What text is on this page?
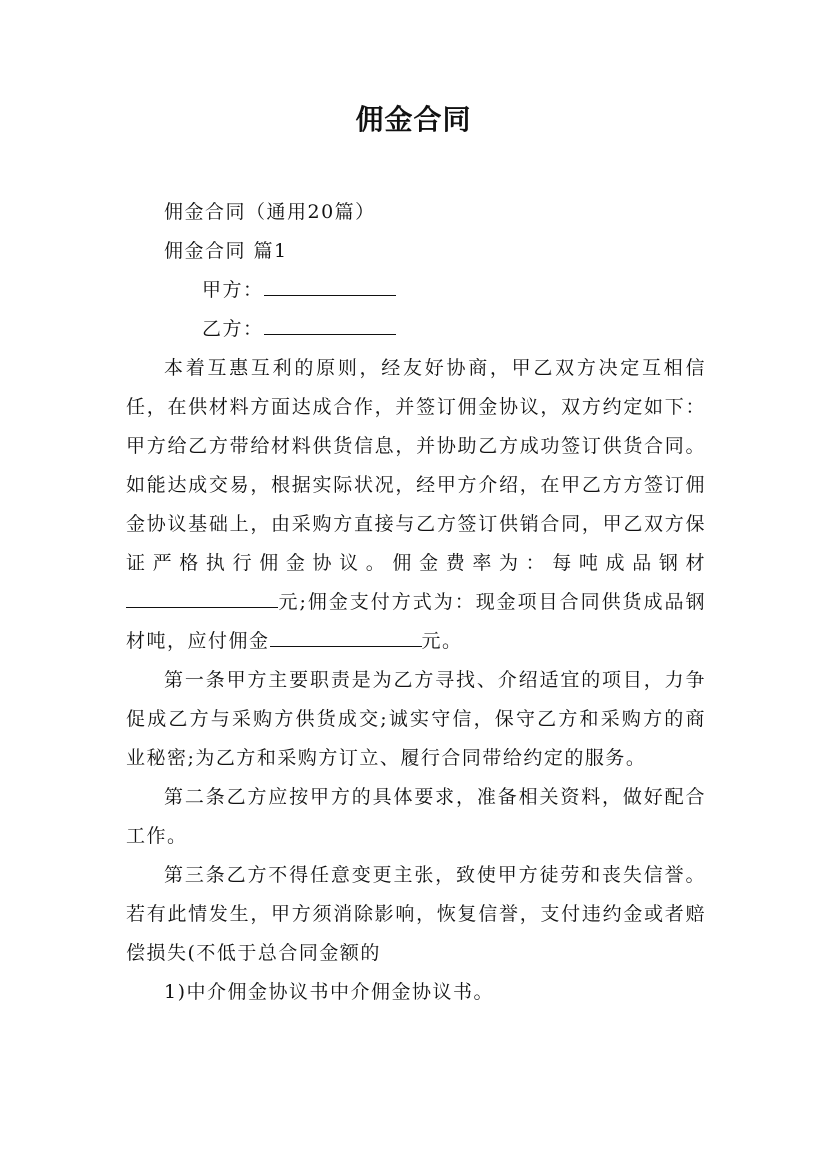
佣金合同

佣金合同（通用20篇）

佣金合同 篇1

甲方：

乙方：

本着互惠互利的原则，经友好协商，甲乙双方决定互相信任，在供材料方面达成合作，并签订佣金协议，双方约定如下：甲方给乙方带给材料供货信息，并协助乙方成功签订供货合同。如能达成交易，根据实际状况，经甲方介绍，在甲乙方方签订佣金协议基础上，由采购方直接与乙方签订供销合同，甲乙双方保证严格执行佣金协议。佣金费率为：每吨成品钢材元;佣金支付方式为：现金项目合同供货成品钢材吨，应付佣金	元。

第一条甲方主要职责是为乙方寻找、介绍适宜的项目，力争促成乙方与采购方供货成交;诚实守信，保守乙方和采购方的商业秘密;为乙方和采购方订立、履行合同带给约定的服务。

第二条乙方应按甲方的具体要求，准备相关资料，做好配合工作。

第三条乙方不得任意变更主张，致使甲方徒劳和丧失信誉。若有此情发生，甲方须消除影响，恢复信誉，支付违约金或者赔偿损失(不低于总合同金额的

1)中介佣金协议书中介佣金协议书。
